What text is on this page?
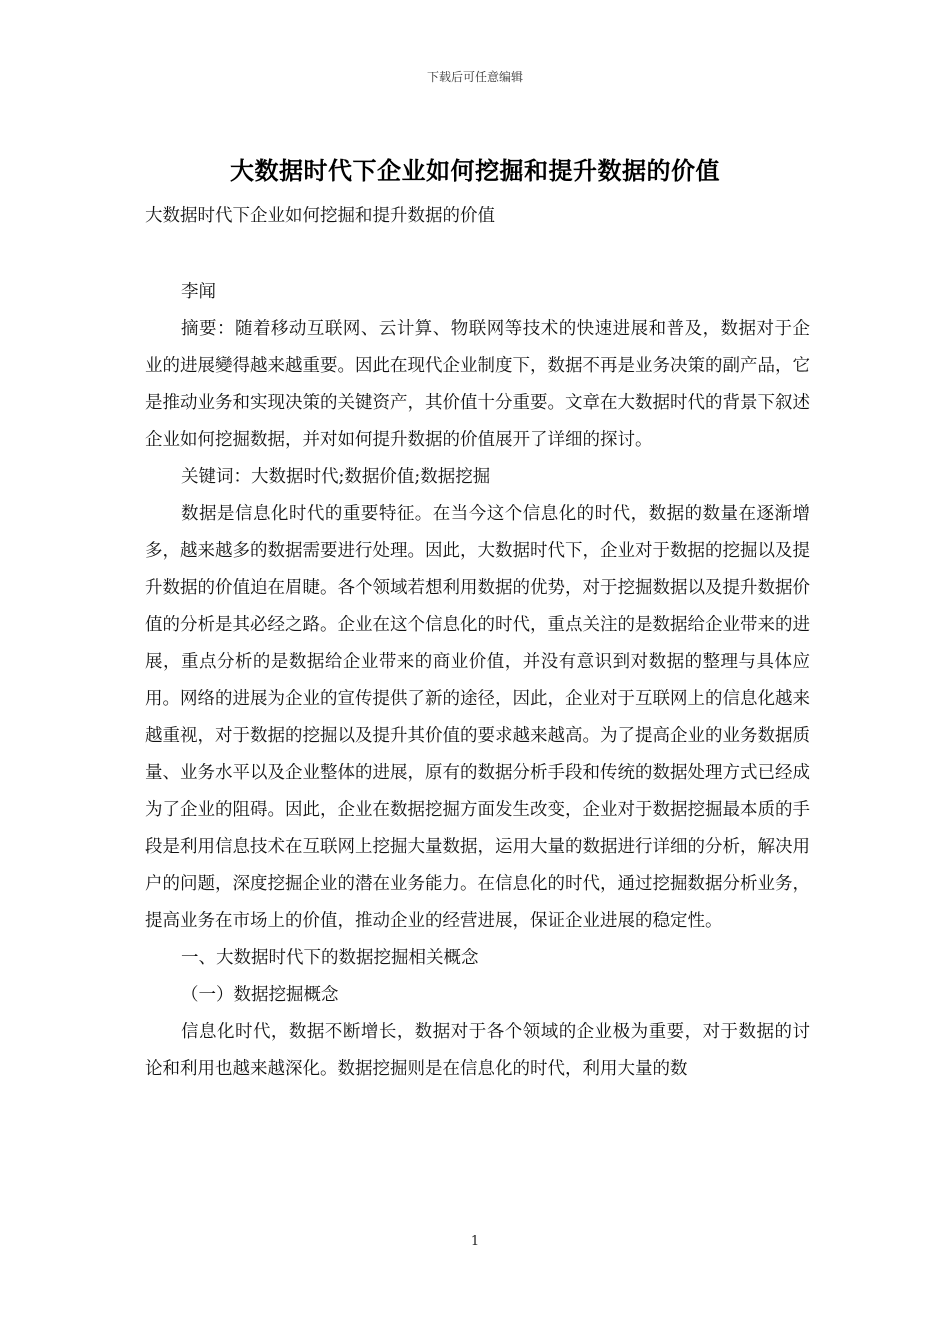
下载后可任意编辑
大数据时代下企业如何挖掘和提升数据的价值

大数据时代下企业如何挖掘和提升数据的价值

李闻

摘要：随着移动互联网、云计算、物联网等技术的快速进展和普及，数据对于企业的进展變得越来越重要。因此在现代企业制度下，数据不再是业务决策的副产品，它是推动业务和实现决策的关键资产，其价值十分重要。文章在大数据时代的背景下叙述企业如何挖掘数据，并对如何提升数据的价值展开了详细的探讨。

关键词：大数据时代;数据价值;数据挖掘

数据是信息化时代的重要特征。在当今这个信息化的时代，数据的数量在逐渐增多，越来越多的数据需要进行处理。因此，大数据时代下，企业对于数据的挖掘以及提升数据的价值迫在眉睫。各个领域若想利用数据的优势，对于挖掘数据以及提升数据价值的分析是其必经之路。企业在这个信息化的时代，重点关注的是数据给企业带来的进展，重点分析的是数据给企业带来的商业价值，并没有意识到对数据的整理与具体应用。网络的进展为企业的宣传提供了新的途径，因此，企业对于互联网上的信息化越来越重视，对于数据的挖掘以及提升其价值的要求越来越高。为了提高企业的业务数据质量、业务水平以及企业整体的进展，原有的数据分析手段和传统的数据处理方式已经成为了企业的阻碍。因此，企业在数据挖掘方面发生改变，企业对于数据挖掘最本质的手段是利用信息技术在互联网上挖掘大量数据，运用大量的数据进行详细的分析，解决用户的问题，深度挖掘企业的潜在业务能力。在信息化的时代，通过挖掘数据分析业务，提高业务在市场上的价值，推动企业的经营进展，保证企业进展的稳定性。

一、大数据时代下的数据挖掘相关概念

（一）数据挖掘概念

信息化时代，数据不断增长，数据对于各个领域的企业极为重要，对于数据的讨论和利用也越来越深化。数据挖掘则是在信息化的时代，利用大量的数

1
